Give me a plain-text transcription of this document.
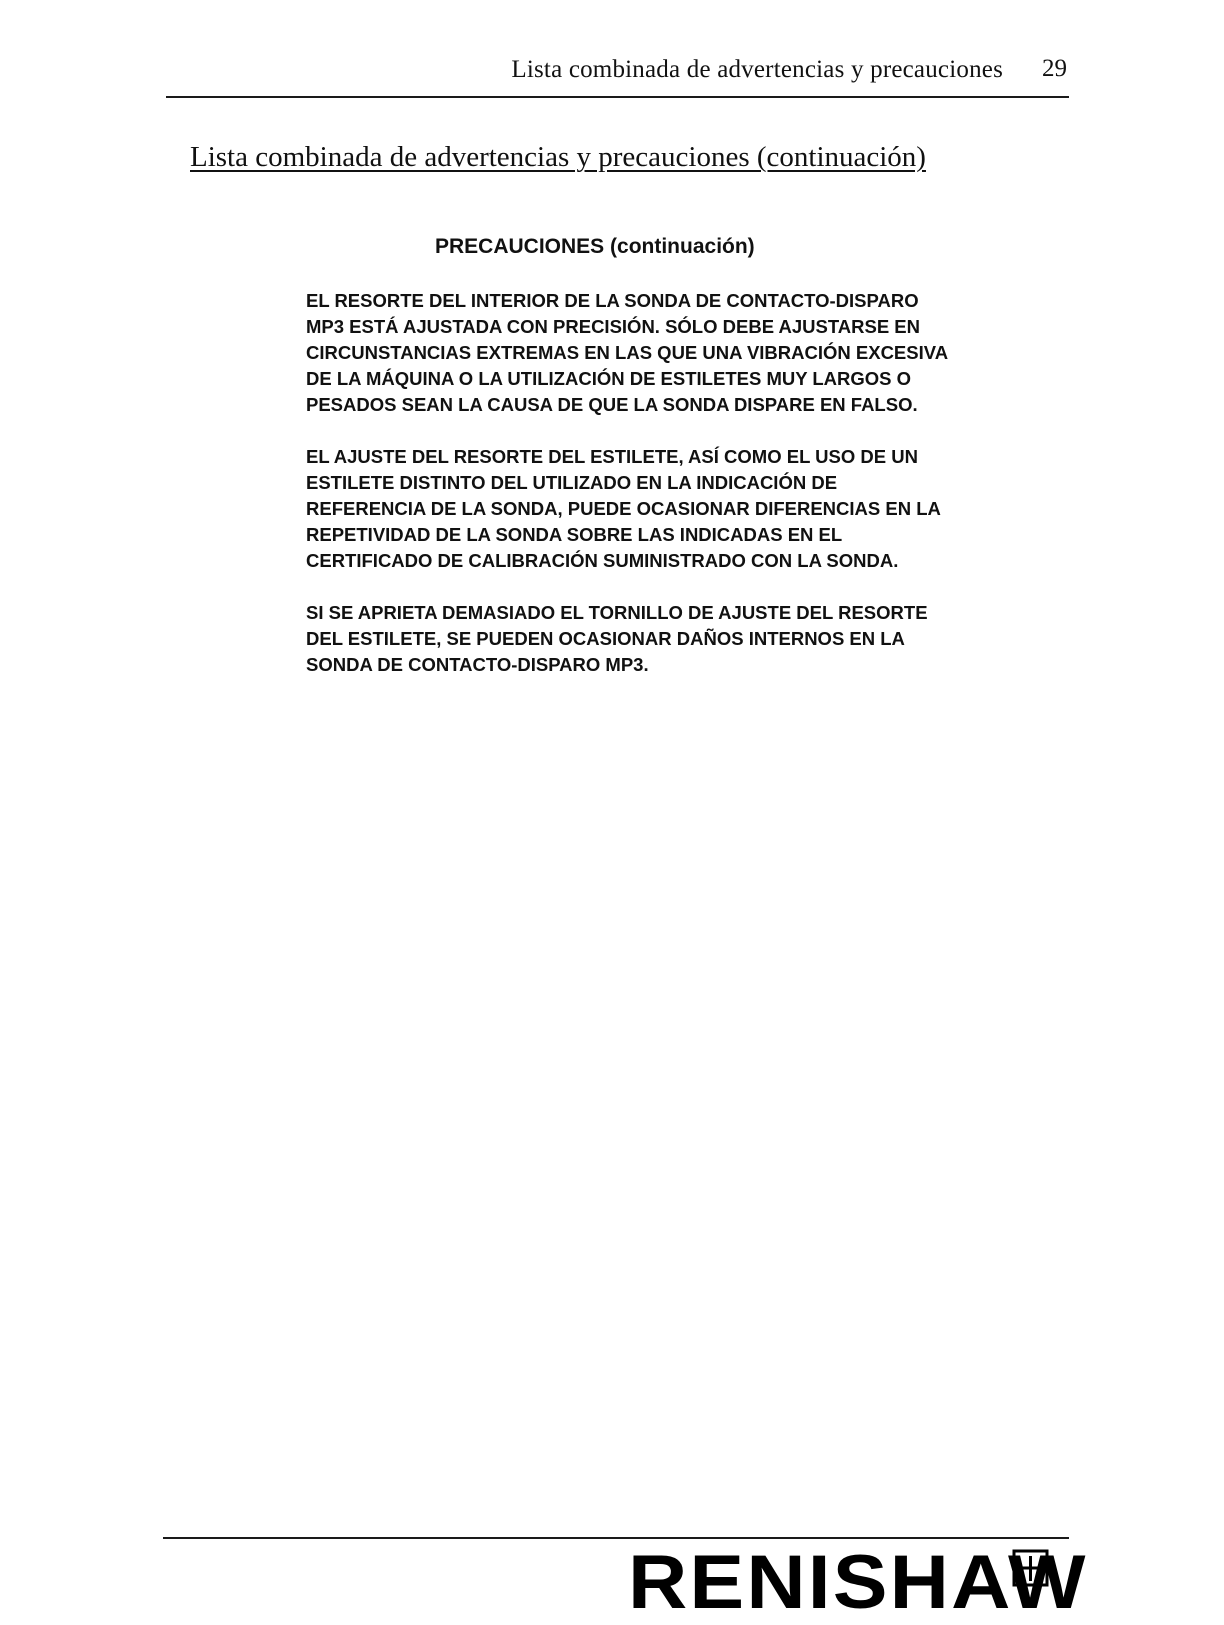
Lista combinada de advertencias y precauciones 29
Lista combinada de advertencias y precauciones (continuación)
PRECAUCIONES (continuación)

EL RESORTE DEL INTERIOR DE LA SONDA DE CONTACTO-DISPARO
MP3 ESTÁ AJUSTADA CON PRECISIÓN. SÓLO DEBE AJUSTARSE EN
CIRCUNSTANCIAS EXTREMAS EN LAS QUE UNA VIBRACIÓN EXCESIVA
DE LA MÁQUINA O LA UTILIZACIÓN DE ESTILETES MUY LARGOS O
PESADOS SEAN LA CAUSA DE QUE LA SONDA DISPARE EN FALSO.

EL AJUSTE DEL RESORTE DEL ESTILETE, ASÍ COMO EL USO DE UN
ESTILETE DISTINTO DEL UTILIZADO EN LA INDICACIÓN DE
REFERENCIA DE LA SONDA, PUEDE OCASIONAR DIFERENCIAS EN LA
REPETIVIDAD DE LA SONDA SOBRE LAS INDICADAS EN EL
CERTIFICADO DE CALIBRACIÓN SUMINISTRADO CON LA SONDA.

SI SE APRIETA DEMASIADO EL TORNILLO DE AJUSTE DEL RESORTE
DEL ESTILETE, SE PUEDEN OCASIONAR DAÑOS INTERNOS EN LA
SONDA DE CONTACTO-DISPARO MP3.

RENISHAW
